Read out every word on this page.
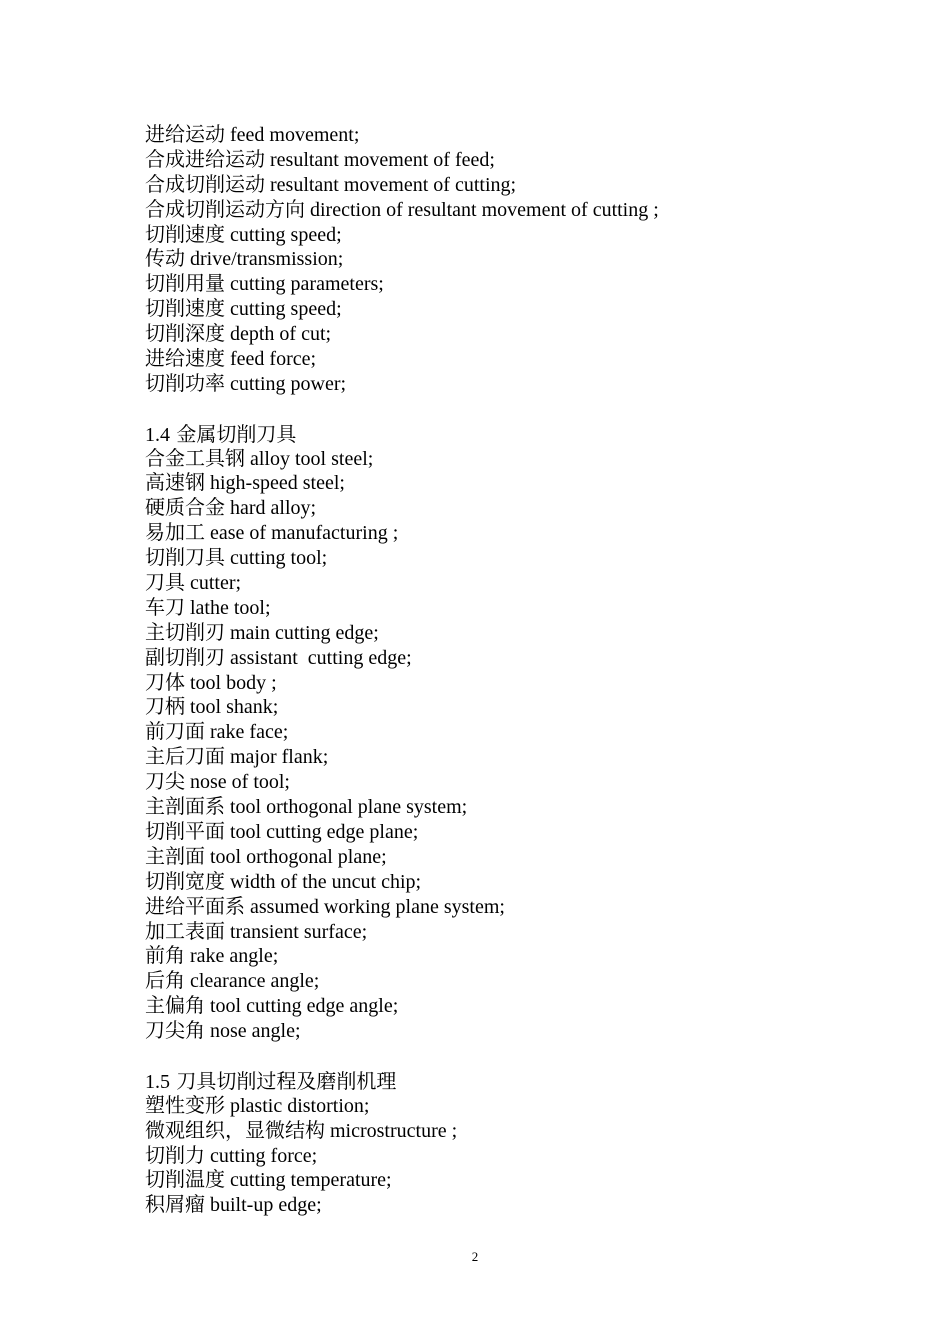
进给运动 feed movement;
合成进给运动 resultant movement of feed;
合成切削运动 resultant movement of cutting;
合成切削运动方向 direction of resultant movement of cutting ;
切削速度 cutting speed;
传动 drive/transmission;
切削用量 cutting parameters;
切削速度 cutting speed;
切削深度 depth of cut;
进给速度 feed force;
切削功率 cutting power;
1.4 金属切削刀具
合金工具钢 alloy tool steel;
高速钢 high-speed steel;
硬质合金 hard alloy;
易加工 ease of manufacturing ;
切削刀具 cutting tool;
刀具 cutter;
车刀 lathe tool;
主切削刃 main cutting edge;
副切削刃 assistant  cutting edge;
刀体 tool body ;
刀柄 tool shank;
前刀面 rake face;
主后刀面 major flank;
刀尖 nose of tool;
主剖面系 tool orthogonal plane system;
切削平面 tool cutting edge plane;
主剖面 tool orthogonal plane;
切削宽度 width of the uncut chip;
进给平面系 assumed working plane system;
加工表面 transient surface;
前角 rake angle;
后角 clearance angle;
主偏角 tool cutting edge angle;
刀尖角 nose angle;
1.5 刀具切削过程及磨削机理
塑性变形 plastic distortion;
微观组织，显微结构 microstructure ;
切削力 cutting force;
切削温度 cutting temperature;
积屑瘤 built-up edge;
2
